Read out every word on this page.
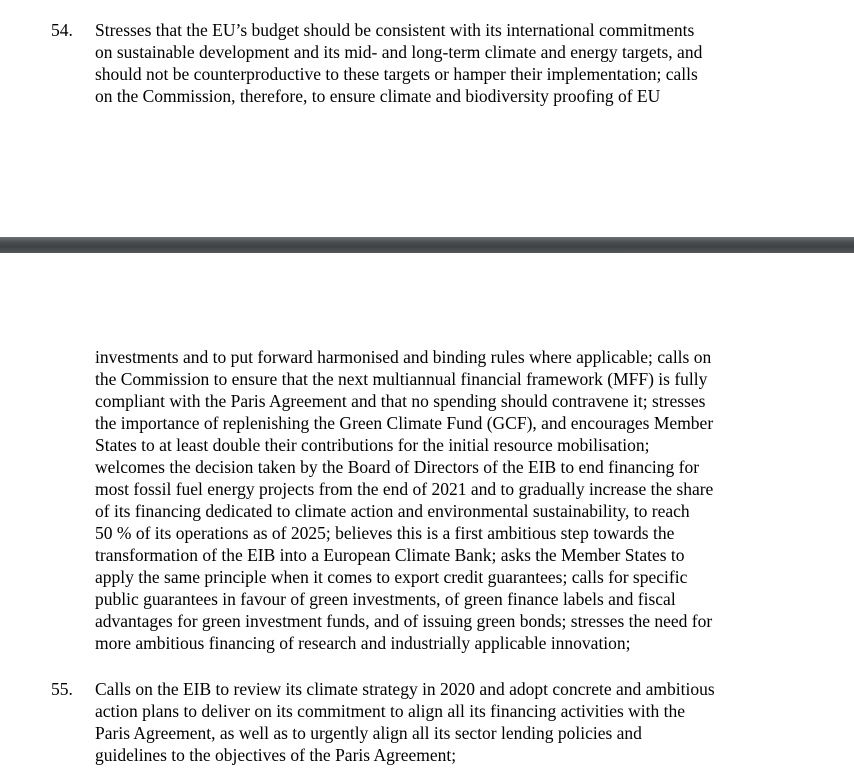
54. Stresses that the EU’s budget should be consistent with its international commitments
on sustainable development and its mid- and long-term climate and energy targets, and
should not be counterproductive to these targets or hamper their implementation; calls
on the Commission, therefore, to ensure climate and biodiversity proofing of EU
investments and to put forward harmonised and binding rules where applicable; calls on
the Commission to ensure that the next multiannual financial framework (MFF) is fully
compliant with the Paris Agreement and that no spending should contravene it; stresses
the importance of replenishing the Green Climate Fund (GCF), and encourages Member
States to at least double their contributions for the initial resource mobilisation;
welcomes the decision taken by the Board of Directors of the EIB to end financing for
most fossil fuel energy projects from the end of 2021 and to gradually increase the share
of its financing dedicated to climate action and environmental sustainability, to reach
50 % of its operations as of 2025; believes this is a first ambitious step towards the
transformation of the EIB into a European Climate Bank; asks the Member States to
apply the same principle when it comes to export credit guarantees; calls for specific
public guarantees in favour of green investments, of green finance labels and fiscal
advantages for green investment funds, and of issuing green bonds; stresses the need for
more ambitious financing of research and industrially applicable innovation;
55. Calls on the EIB to review its climate strategy in 2020 and adopt concrete and ambitious
action plans to deliver on its commitment to align all its financing activities with the
Paris Agreement, as well as to urgently align all its sector lending policies and
guidelines to the objectives of the Paris Agreement;
